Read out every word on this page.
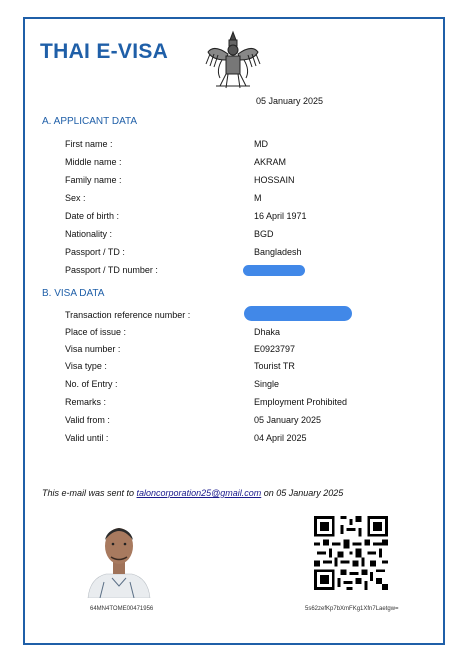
THAI E-VISA
05 January 2025
A. APPLICANT DATA
First name :	MD
Middle name :	AKRAM
Family name :	HOSSAIN
Sex :	M
Date of birth :	16 April 1971
Nationality :	BGD
Passport / TD :	Bangladesh
Passport / TD number :
B. VISA DATA
Transaction reference number :
Place of issue :	Dhaka
Visa number :	E0923797
Visa type :	Tourist TR
No. of Entry :	Single
Remarks :	Employment Prohibited
Valid from :	05 January 2025
Valid until :	04 April 2025
This e-mail was sent to taloncorporation25@gmail.com on 05 January 2025
64MN4TOME00471956	5s62zefKp7bXmFKg1Xfn7Laetgw=
